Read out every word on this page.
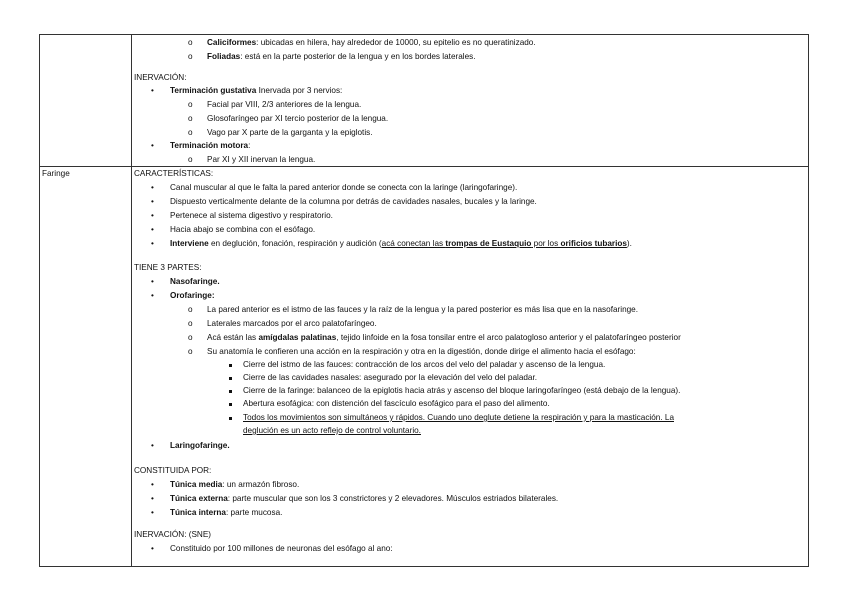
o Caliciformes: ubicadas en hilera, hay alrededor de 10000, su epitelio es no queratinizado.
o Foliadas: está en la parte posterior de la lengua y en los bordes laterales.
INERVACIÓN:
• Terminación gustativa Inervada por 3 nervios:
o Facial par VIII, 2/3 anteriores de la lengua.
o Glosofaríngeo par XI tercio posterior de la lengua.
o Vago par X parte de la garganta y la epiglotis.
• Terminación motora:
o Par XI y XII inervan la lengua.
Faringe	CARACTERÍSTICAS:
• Canal muscular al que le falta la pared anterior donde se conecta con la laringe (laringofaringe).
• Dispuesto verticalmente delante de la columna por detrás de cavidades nasales, bucales y la laringe.
• Pertenece al sistema digestivo y respiratorio.
• Hacia abajo se combina con el esófago.
• Interviene en deglución, fonación, respiración y audición (acá conectan las trompas de Eustaquio por los orificios tubarios).
TIENE 3 PARTES:
• Nasofaringe.
• Orofaringe:
o La pared anterior es el istmo de las fauces y la raíz de la lengua y la pared posterior es más lisa que en la nasofaringe.
o Laterales marcados por el arco palatofaríngeo.
o Acá están las amígdalas palatinas, tejido linfoide en la fosa tonsilar entre el arco palatogloso anterior y el palatofaríngeo posterior
o Su anatomía le confieren una acción en la respiración y otra en la digestión, donde dirige el alimento hacia el esófago:
Cierre del istmo de las fauces: contracción de los arcos del velo del paladar y ascenso de la lengua.
Cierre de las cavidades nasales: asegurado por la elevación del velo del paladar.
Cierre de la faringe: balanceo de la epiglotis hacia atrás y ascenso del bloque laringofaríngeo (está debajo de la lengua).
Abertura esofágica: con distención del fascículo esofágico para el paso del alimento.
Todos los movimientos son simultáneos y rápidos. Cuando uno deglute detiene la respiración y para la masticación. La
deglución es un acto reflejo de control voluntario.
• Laringofaringe.
CONSTITUIDA POR:
• Túnica media: un armazón fibroso.
• Túnica externa: parte muscular que son los 3 constrictores y 2 elevadores. Músculos estriados bilaterales.
• Túnica interna: parte mucosa.
INERVACIÓN: (SNE)
• Constituido por 100 millones de neuronas del esófago al ano:
